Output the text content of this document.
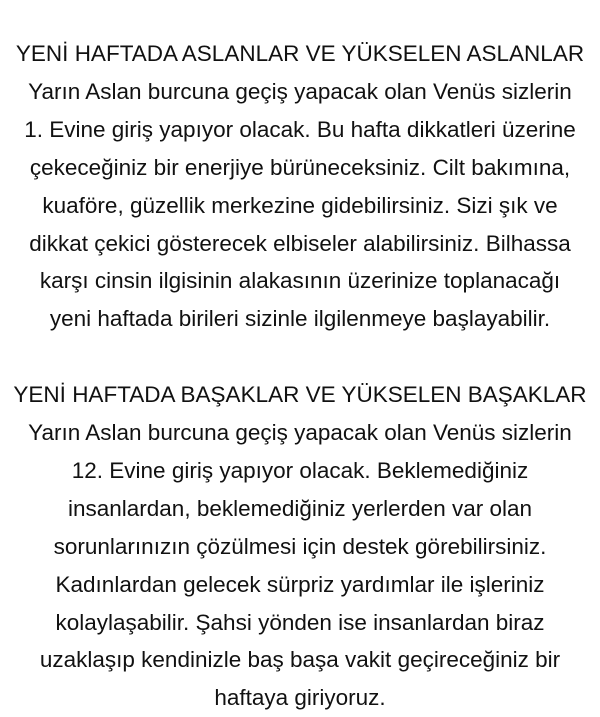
YENİ HAFTADA ASLANLAR VE YÜKSELEN ASLANLAR
Yarın Aslan burcuna geçiş yapacak olan Venüs sizlerin
1. Evine giriş yapıyor olacak. Bu hafta dikkatleri üzerine
çekeceğiniz bir enerjiye bürüneceksiniz. Cilt bakımına,
kuaföre, güzellik merkezine gidebilirsiniz. Sizi şık ve
dikkat çekici gösterecek elbiseler alabilirsiniz. Bilhassa
karşı cinsin ilgisinin alakasının üzerinize toplanacağı
yeni haftada birileri sizinle ilgilenmeye başlayabilir.
YENİ HAFTADA BAŞAKLAR VE YÜKSELEN BAŞAKLAR
Yarın Aslan burcuna geçiş yapacak olan Venüs sizlerin
12. Evine giriş yapıyor olacak. Beklemediğiniz
insanlardan, beklemediğiniz yerlerden var olan
sorunlarınızın çözülmesi için destek görebilirsiniz.
Kadınlardan gelecek sürpriz yardımlar ile işleriniz
kolaylaşabilir. Şahsi yönden ise insanlardan biraz
uzaklaşıp kendinizle baş başa vakit geçireceğiniz bir
haftaya giriyoruz.
